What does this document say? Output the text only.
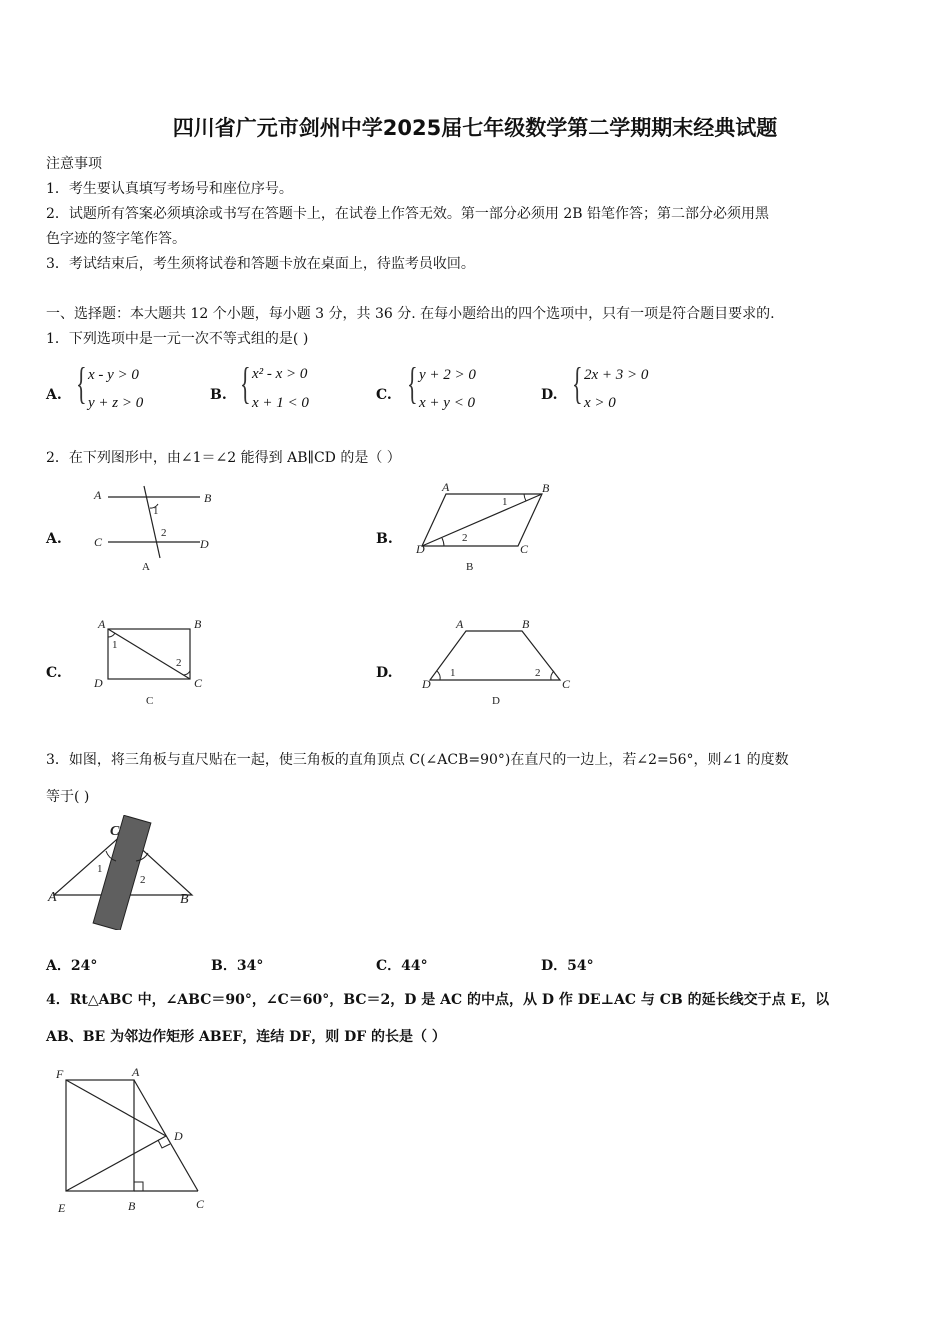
四川省广元市剑州中学2025届七年级数学第二学期期末经典试题
注意事项
1．考生要认真填写考场号和座位序号。
2．试题所有答案必须填涂或书写在答题卡上，在试卷上作答无效。第一部分必须用 2B 铅笔作答；第二部分必须用黑
色字迹的签字笔作答。
3．考试结束后，考生须将试卷和答题卡放在桌面上，待监考员收回。
一、选择题：本大题共 12 个小题，每小题 3 分，共 36 分. 在每小题给出的四个选项中，只有一项是符合题目要求的.
1．下列选项中是一元一次不等式组的是( )
A. { x - y > 0
y + z > 0	B. { x² - x > 0
x + 1 < 0	C. { y + 2 > 0
x + y < 0	D. { 2x + 3 > 0
x > 0
2．在下列图形中，由∠1＝∠2 能得到 AB∥CD 的是（ ）
A.
A	B
C	D
1
2
A
B.
A	B
C
D
1
2
B
C.
A	B
C
D
1
2
C
D.
A	B
C
D
1	2
D
3．如图，将三角板与直尺贴在一起，使三角板的直角顶点 C(∠ACB=90°)在直尺的一边上，若∠2=56°，则∠1 的度数
等于( )
C
A	B
1
2
A．24°	B．34°	C．44°	D．54°
4．Rt△ABC 中，∠ABC＝90°，∠C＝60°，BC＝2，D 是 AC 的中点，从 D 作 DE⊥AC 与 CB 的延长线交于点 E，以
AB、BE 为邻边作矩形 ABEF，连结 DF，则 DF 的长是（ ）
F	A
D
E	B	C
